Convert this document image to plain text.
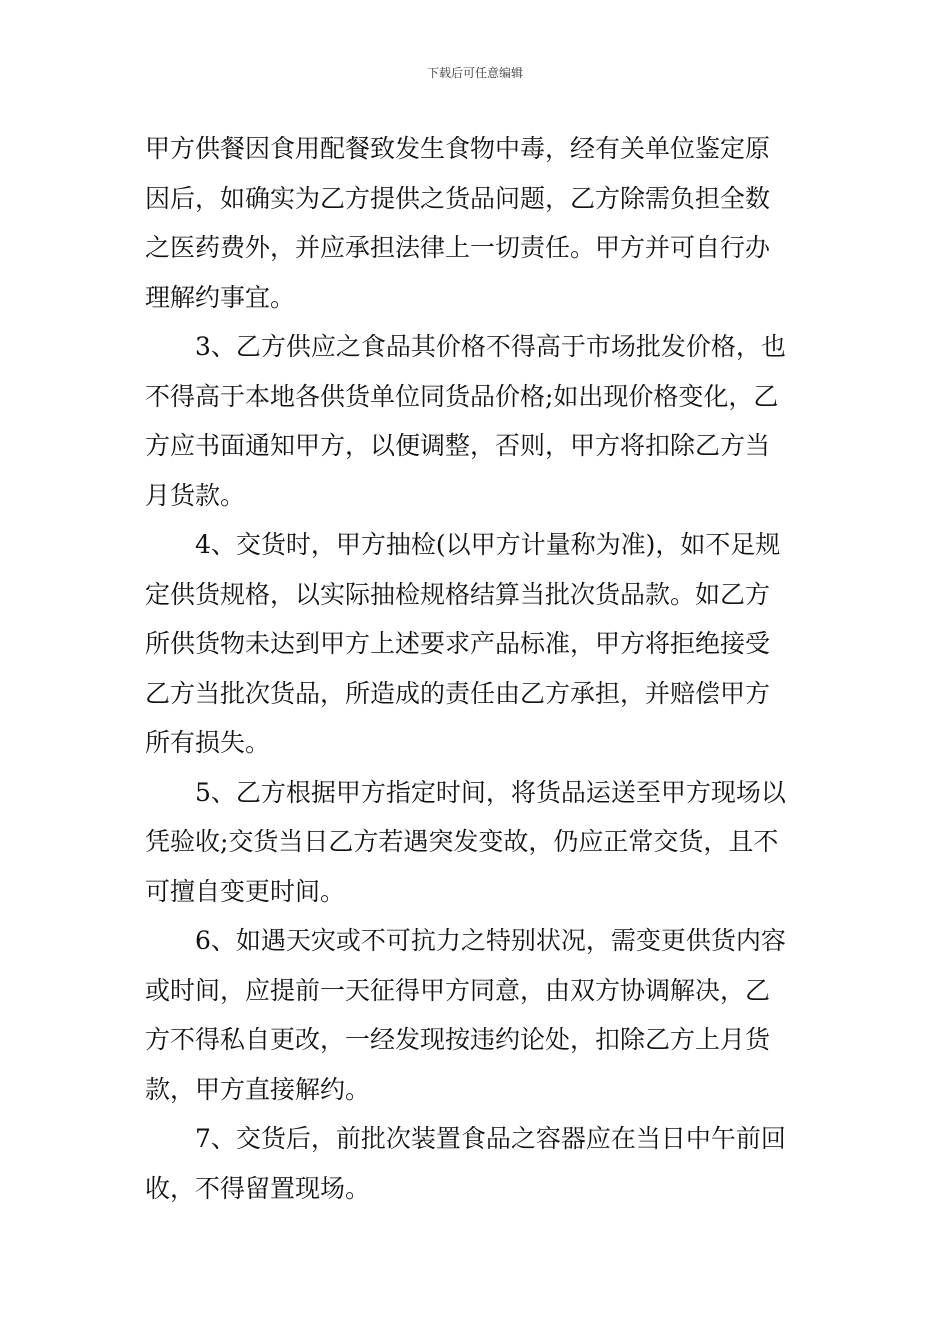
下载后可任意编辑

甲方供餐因食用配餐致发生食物中毒，经有关单位鉴定原
因后，如确实为乙方提供之货品问题，乙方除需负担全数
之医药费外，并应承担法律上一切责任。甲方并可自行办
理解约事宜。

3、乙方供应之食品其价格不得高于市场批发价格，也
不得高于本地各供货单位同货品价格;如出现价格变化，乙
方应书面通知甲方，以便调整，否则，甲方将扣除乙方当
月货款。

4、交货时，甲方抽检(以甲方计量称为准)，如不足规
定供货规格，以实际抽检规格结算当批次货品款。如乙方
所供货物未达到甲方上述要求产品标准，甲方将拒绝接受
乙方当批次货品，所造成的责任由乙方承担，并赔偿甲方
所有损失。

5、乙方根据甲方指定时间，将货品运送至甲方现场以
凭验收;交货当日乙方若遇突发变故，仍应正常交货，且不
可擅自变更时间。

6、如遇天灾或不可抗力之特别状况，需变更供货内容
或时间，应提前一天征得甲方同意，由双方协调解决，乙
方不得私自更改，一经发现按违约论处，扣除乙方上月货
款，甲方直接解约。

7、交货后，前批次装置食品之容器应在当日中午前回
收，不得留置现场。
